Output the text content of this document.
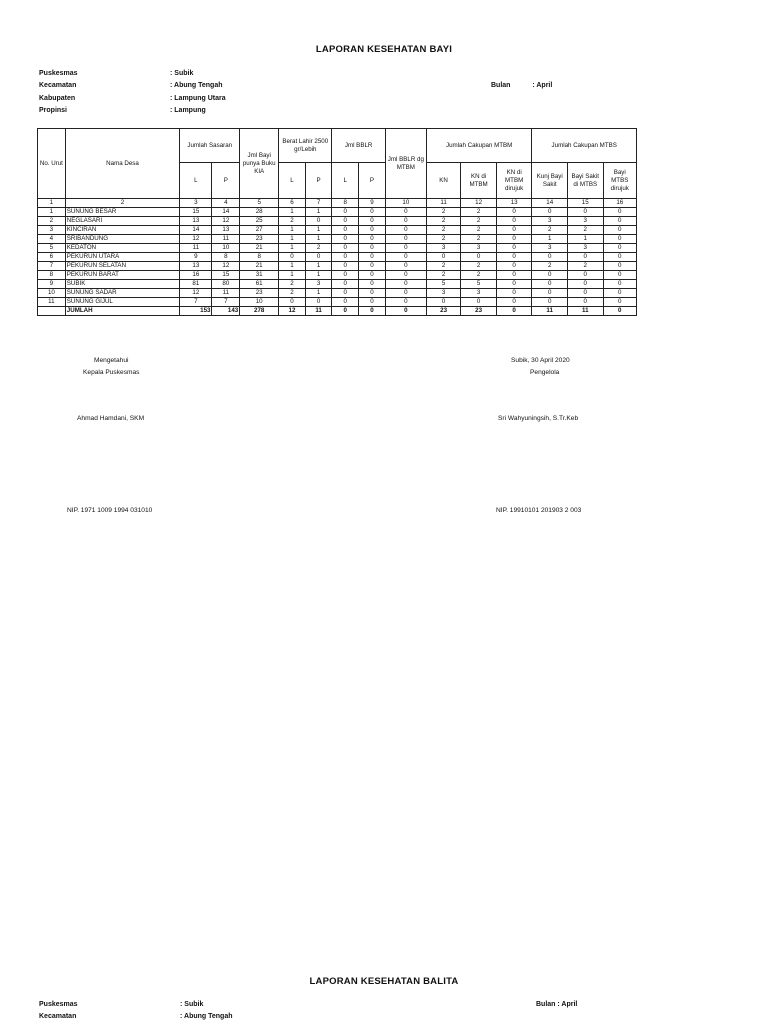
LAPORAN KESEHATAN BAYI
Puskesmas	: Subik
Kecamatan	: Abung Tengah
Kabupaten	: Lampung Utara
Propinsi	: Lampung
Bulan	: April
No. Urut	Nama Desa	Jumlah Sasaran		Jml Bayi punya Buku KIA	Berat Lahir 2500 gr/Lebih		Jml BBLR		Jml BBLR dg MTBM	Jumlah Cakupan MTBM			Jumlah Cakupan MTBS		
		L	P		L	P	L	P		KN	KN di MTBM	KN di MTBM dirujuk	Kunj Bayi Sakit	Bayi Sakit di MTBS	Bayi MTBS dirujuk
1	2	3	4	5	6	7	8	9	10	11	12	13	14	15	16
1	SUNUNG BESAR	15	14	28	1	1	0	0	0	2	2	0	0	0	0
2	NEGLASARI	13	12	25	2	0	0	0	0	2	2	0	3	3	0
3	KINCIRAN	14	13	27	1	1	0	0	0	2	2	0	2	2	0
4	SRIBANDUNG	12	11	23	1	1	0	0	0	2	2	0	1	1	0
5	KEDATON	11	10	21	1	2	0	0	0	3	3	0	3	3	0
6	PEKURUN UTARA	9	8	8	0	0	0	0	0	0	0	0	0	0	0
7	PEKURUN SELATAN	13	12	21	1	1	0	0	0	2	2	0	2	2	0
8	PEKURUN BARAT	16	15	31	1	1	0	0	0	2	2	0	0	0	0
9	SUBIK	81	80	61	2	3	0	0	0	5	5	0	0	0	0
10	SUNUNG SADAR	12	11	23	2	1	0	0	0	3	3	0	0	0	0
11	SUNUNG GIJUL	7	7	10	0	0	0	0	0	0	0	0	0	0	0
	JUMLAH	153	143	278	12	11	0	0	0	23	23	0	11	11	0
Mengetahui
Kepala Puskesmas
Ahmad Hamdani, SKM
NIP. 1971 1009 1994 031010
Subik, 30 April 2020
Pengelola
Sri Wahyuningsih, S.Tr.Keb
NIP. 19910101 201903 2 003
LAPORAN KESEHATAN BALITA
Puskesmas	: Subik
Kecamatan	: Abung Tengah
Bulan : April
